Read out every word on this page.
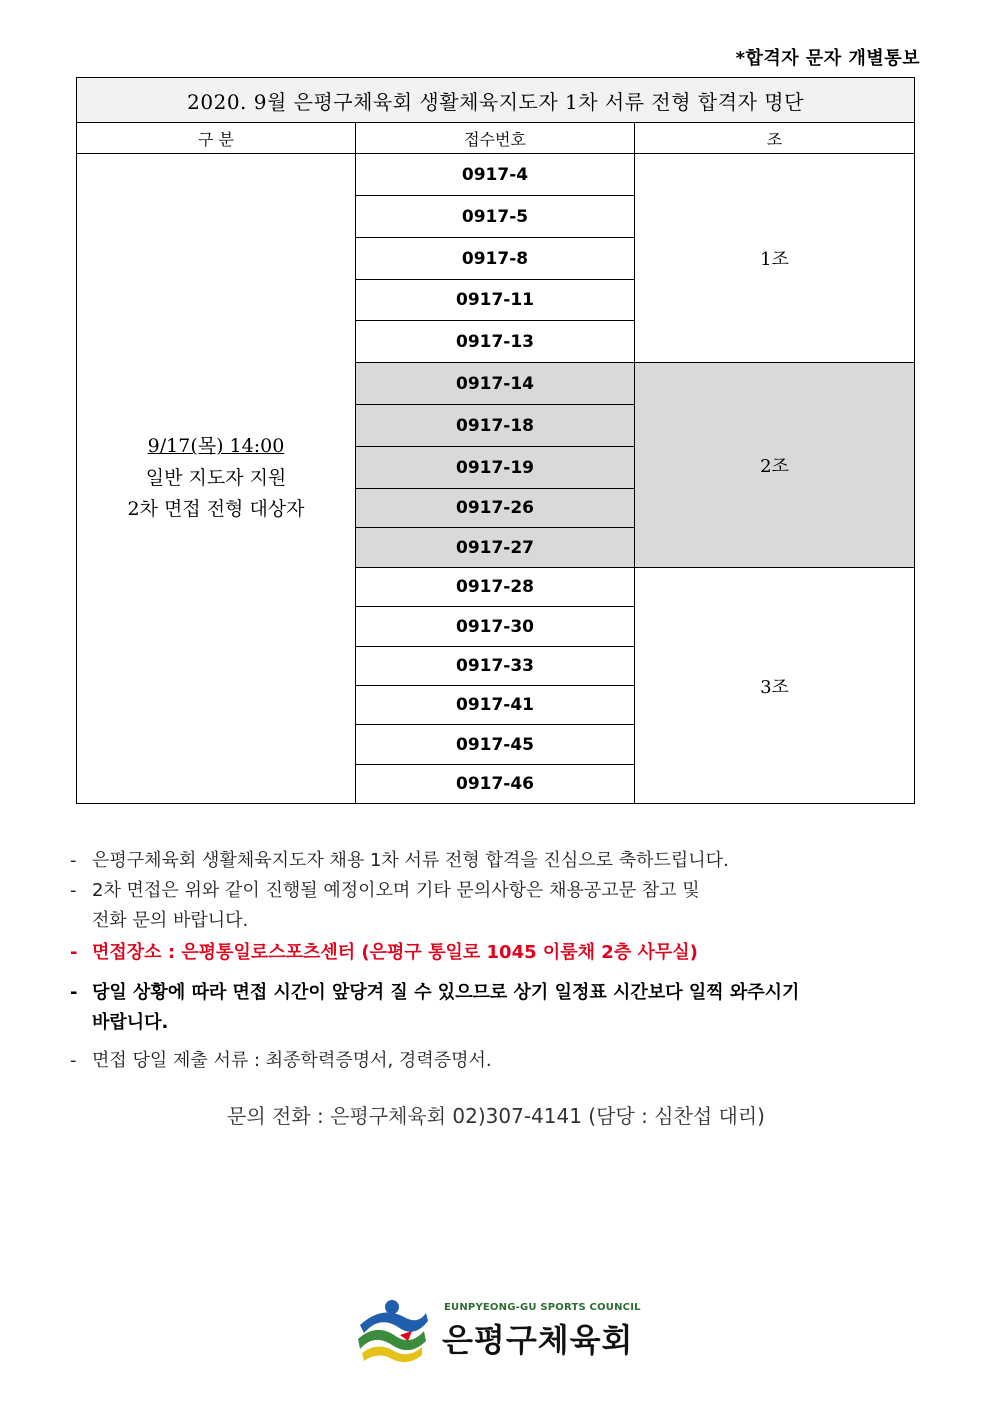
*합격자 문자 개별통보
2020. 9월 은평구체육회 생활체육지도자 1차 서류 전형 합격자 명단		
구 분	접수번호	조

9/17(목) 14:00
일반 지도자 지원
2차 면접 전형 대상자	0917-4	1조
	0917-5	
	0917-8	
	0917-11	
	0917-13	
	0917-14	2조
	0917-18	
	0917-19	
	0917-26	
	0917-27	
	0917-28	3조
	0917-30	
	0917-33	
	0917-41	
	0917-45	
	0917-46	
- 은평구체육회 생활체육지도자 채용 1차 서류 전형 합격을 진심으로 축하드립니다.
- 2차 면접은 위와 같이 진행될 예정이오며 기타 문의사항은 채용공고문 참고 및
전화 문의 바랍니다.
- 면접장소 : 은평통일로스포츠센터 (은평구 통일로 1045 이룸채 2층 사무실)
- 당일 상황에 따라 면접 시간이 앞당겨 질 수 있으므로 상기 일정표 시간보다 일찍 와주시기
바랍니다.
- 면접 당일 제출 서류 : 최종학력증명서, 경력증명서.
문의 전화 : 은평구체육회 02)307-4141 (담당 : 심찬섭 대리)
EUNPYEONG-GU SPORTS COUNCIL
은평구체육회
